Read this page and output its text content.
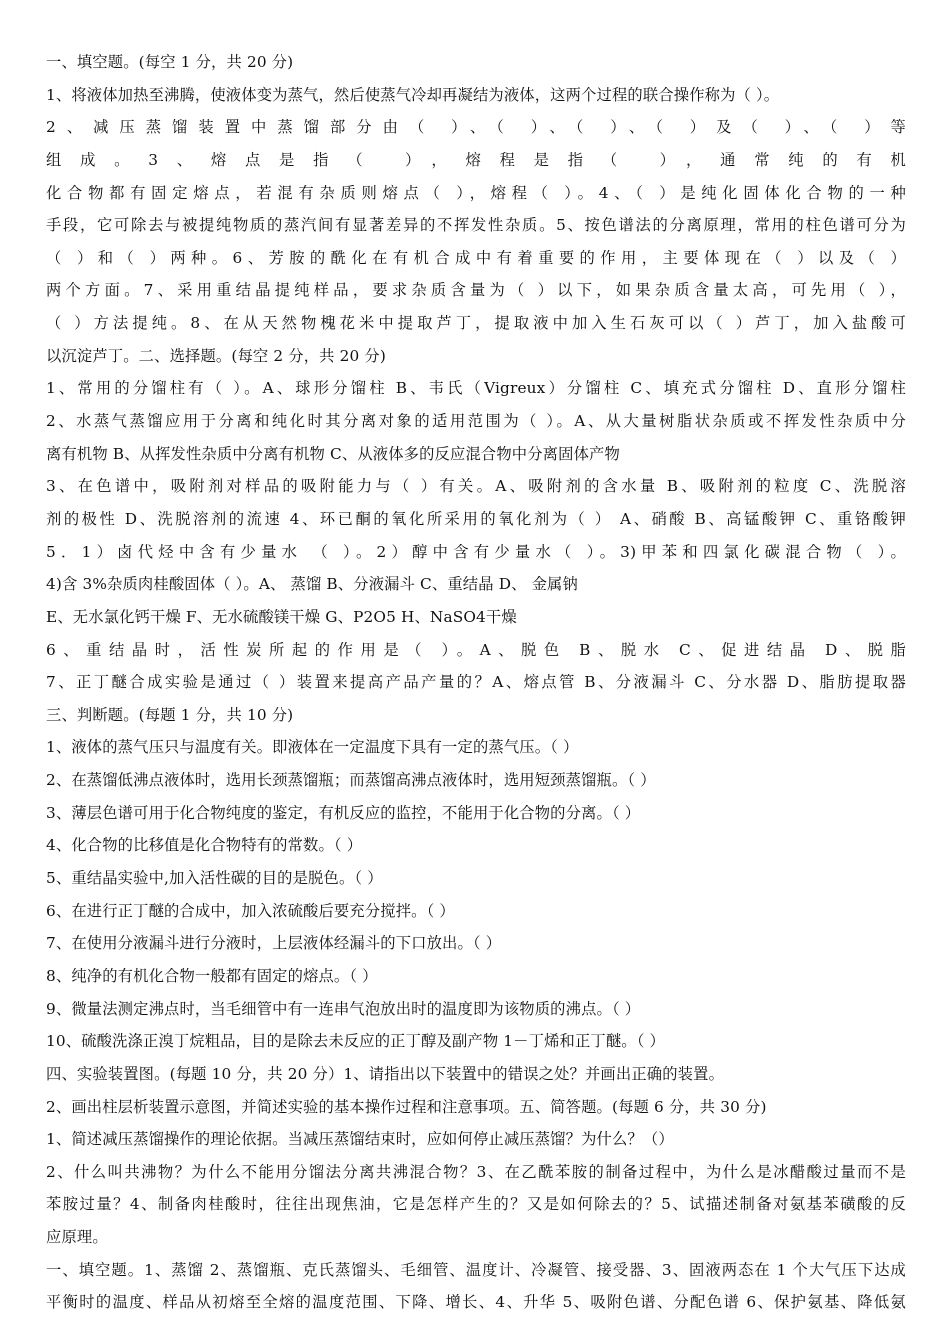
一、填空题。(每空 1 分，共 20 分)
1、将液体加热至沸腾，使液体变为蒸气，然后使蒸气冷却再凝结为液体，这两个过程的联合操作称为（ ）。
2、减压蒸馏装置中蒸馏部分由（ ）、（ ）、（ ）、（ ）及（ ）、（ ）等
组成。3、熔点是指（ ），熔程是指（ ），通常纯的有机
化合物都有固定熔点，若混有杂质则熔点（ ），熔程（ ）。4、（ ）是纯化固体化合物的一种
手段，它可除去与被提纯物质的蒸汽间有显著差异的不挥发性杂质。5、按色谱法的分离原理，常用的柱色谱可分为
（ ）和（ ）两种。6、芳胺的酰化在有机合成中有着重要的作用，主要体现在（ ）以及（ ）
两个方面。7、采用重结晶提纯样品，要求杂质含量为（ ）以下，如果杂质含量太高，可先用（ ），
（ ）方法提纯。8、在从天然物槐花米中提取芦丁，提取液中加入生石灰可以（ ）芦丁，加入盐酸可
以沉淀芦丁。二、选择题。(每空 2 分，共 20 分)
1、常用的分馏柱有（ ）。A、球形分馏柱 B、韦氏（Vigreux）分馏柱 C、填充式分馏柱 D、直形分馏柱
2、水蒸气蒸馏应用于分离和纯化时其分离对象的适用范围为（ ）。A、从大量树脂状杂质或不挥发性杂质中分
离有机物 B、从挥发性杂质中分离有机物 C、从液体多的反应混合物中分离固体产物
3、在色谱中，吸附剂对样品的吸附能力与（ ）有关。A、吸附剂的含水量 B、吸附剂的粒度 C、洗脱溶
剂的极性 D、洗脱溶剂的流速 4、环已酮的氧化所采用的氧化剂为（ ） A、硝酸 B、高锰酸钾 C、重铬酸钾
5．1）卤代烃中含有少量水 （ ）。2）醇中含有少量水（ ）。3)甲苯和四氯化碳混合物（ ）。
4)含 3%杂质肉桂酸固体（ ）。A、 蒸馏 B、分液漏斗 C、重结晶 D、 金属钠
E、无水氯化钙干燥 F、无水硫酸镁干燥 G、P2O5 H、NaSO4干燥
6、重结晶时，活性炭所起的作用是（ ）。A、脱色 B、脱水 C、促进结晶 D、脱脂
7、正丁醚合成实验是通过（ ）装置来提高产品产量的？A、熔点管 B、分液漏斗 C、分水器 D、脂肪提取器
三、判断题。(每题 1 分，共 10 分)
1、液体的蒸气压只与温度有关。即液体在一定温度下具有一定的蒸气压。（ ）
2、在蒸馏低沸点液体时，选用长颈蒸馏瓶；而蒸馏高沸点液体时，选用短颈蒸馏瓶。（ ）
3、薄层色谱可用于化合物纯度的鉴定，有机反应的监控，不能用于化合物的分离。（ ）
4、化合物的比移值是化合物特有的常数。（ ）
5、重结晶实验中,加入活性碳的目的是脱色。（ ）
6、在进行正丁醚的合成中，加入浓硫酸后要充分搅拌。（ ）
7、在使用分液漏斗进行分液时，上层液体经漏斗的下口放出。（ ）
8、纯净的有机化合物一般都有固定的熔点。（ ）
9、微量法测定沸点时，当毛细管中有一连串气泡放出时的温度即为该物质的沸点。（ ）
10、硫酸洗涤正溴丁烷粗品，目的是除去未反应的正丁醇及副产物 1－丁烯和正丁醚。（ ）
四、实验装置图。(每题 10 分，共 20 分）1、请指出以下装置中的错误之处？并画出正确的装置。
2、画出柱层析装置示意图，并简述实验的基本操作过程和注意事项。五、简答题。(每题 6 分，共 30 分)
1、简述减压蒸馏操作的理论依据。当减压蒸馏结束时，应如何停止减压蒸馏？为什么？（）
2、什么叫共沸物？为什么不能用分馏法分离共沸混合物？3、在乙酰苯胺的制备过程中，为什么是冰醋酸过量而不是
苯胺过量？4、制备肉桂酸时，往往出现焦油，它是怎样产生的？又是如何除去的？5、试描述制备对氨基苯磺酸的反
应原理。
一、填空题。1、蒸馏 2、蒸馏瓶、克氏蒸馏头、毛细管、温度计、冷凝管、接受器、3、固液两态在 1 个大气压下达成
平衡时的温度、样品从初熔至全熔的温度范围、下降、增长、4、升华 5、吸附色谱、分配色谱 6、保护氨基、降低氨
